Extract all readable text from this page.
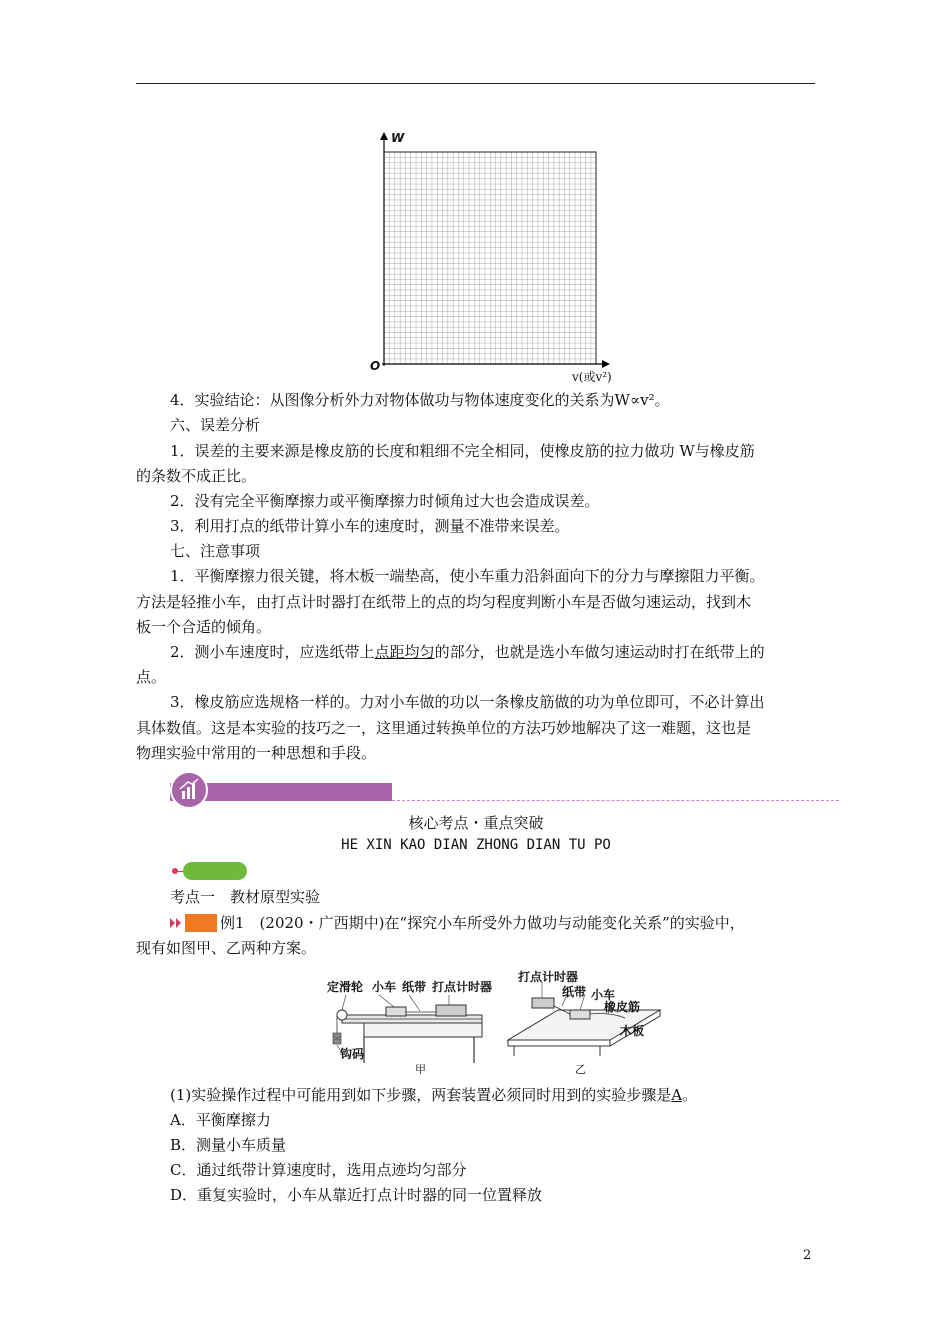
W
O
v(或v²)
4．实验结论：从图像分析外力对物体做功与物体速度变化的关系为W∝v²。
六、误差分析
1．误差的主要来源是橡皮筋的长度和粗细不完全相同，使橡皮筋的拉力做功 W与橡皮筋
的条数不成正比。
2．没有完全平衡摩擦力或平衡摩擦力时倾角过大也会造成误差。
3．利用打点的纸带计算小车的速度时，测量不准带来误差。
七、注意事项
1．平衡摩擦力很关键，将木板一端垫高，使小车重力沿斜面向下的分力与摩擦阻力平衡。
方法是轻推小车，由打点计时器打在纸带上的点的均匀程度判断小车是否做匀速运动，找到木
板一个合适的倾角。
2．测小车速度时，应选纸带上点距均匀的部分，也就是选小车做匀速运动时打在纸带上的
点。
3．橡皮筋应选规格一样的。力对小车做的功以一条橡皮筋做的功为单位即可，不必计算出
具体数值。这是本实验的技巧之一，这里通过转换单位的方法巧妙地解决了这一难题，这也是
物理实验中常用的一种思想和手段。
核心考点・重点突破
HE XIN KAO DIAN ZHONG DIAN TU PO
考点一　教材原型实验
例1　(2020・广西期中)在“探究小车所受外力做功与动能变化关系”的实验中，
现有如图甲、乙两种方案。
定滑轮 小车 纸带 打点计时器
钩码
甲
打点计时器
纸带 小车
橡皮筋
木板
乙
(1)实验操作过程中可能用到如下步骤，两套装置必须同时用到的实验步骤是A。
A．平衡摩擦力
B．测量小车质量
C．通过纸带计算速度时，选用点迹均匀部分
D．重复实验时，小车从靠近打点计时器的同一位置释放
2
